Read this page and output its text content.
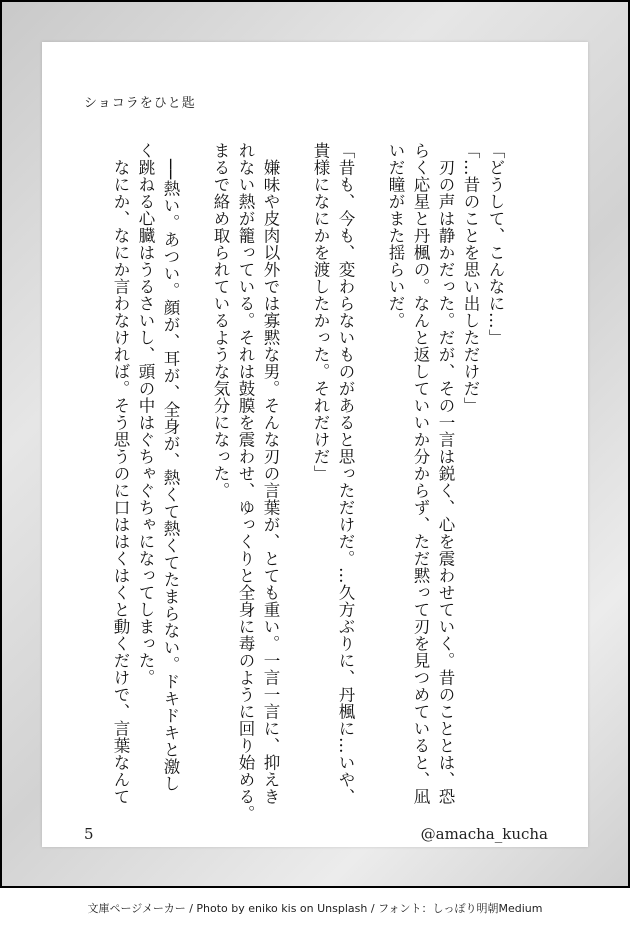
ショコラをひと匙

「どうして、こんなに…」

「…昔のことを思い出しただけだ」

　刃の声は静かだった。だが、その一言は鋭く、心を震わせていく。昔のこととは、恐

らく応星と丹楓の。なんと返していいか分からず、ただ黙って刃を見つめていると、凪

いだ瞳がまた揺らいだ。

「昔も、今も、変わらないものがあると思っただけだ。…久方ぶりに、丹楓に…いや、

貴様になにかを渡したかった。それだけだ」

　嫌味や皮肉以外では寡黙な男。そんな刃の言葉が、とても重い。一言一言に、抑えき

れない熱が籠っている。それは鼓膜を震わせ、ゆっくりと全身に毒のように回り始める。

まるで絡め取られているような気分になった。

　──熱い。あつい。顔が、耳が、全身が、熱くて熱くてたまらない。ドキドキと激し

く跳ねる心臓はうるさいし、頭の中はぐちゃぐちゃになってしまった。

　なにか、なにか言わなければ。そう思うのに口ははくはくと動くだけで、言葉なんて

5	@amacha_kucha
文庫ページメーカー / Photo by eniko kis on Unsplash / フォント：しっぽり明朝Medium
